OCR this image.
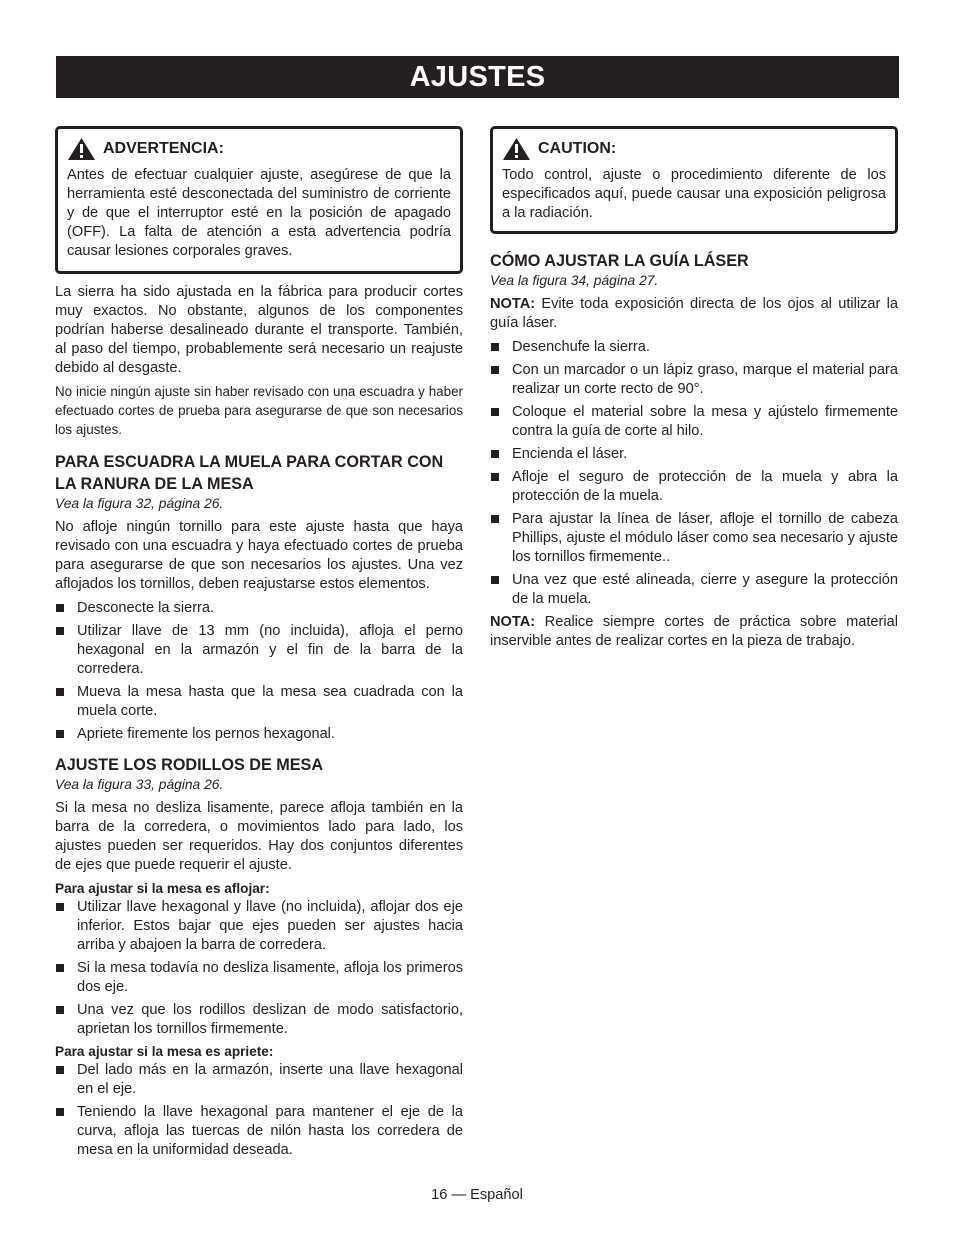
AJUSTES
ADVERTENCIA:
Antes de efectuar cualquier ajuste, asegúrese de que la herramienta esté desconectada del suministro de corriente y de que el interruptor esté en la posición de apagado (OFF). La falta de atención a esta advertencia podría causar lesiones corporales graves.

La sierra ha sido ajustada en la fábrica para producir cortes muy exactos. No obstante, algunos de los componentes podrían haberse desalineado durante el transporte. También, al paso del tiempo, probablemente será necesario un reajuste debido al desgaste.

No inicie ningún ajuste sin haber revisado con una escuadra y haber efectuado cortes de prueba para asegurarse de que son necesarios los ajustes.

PARA ESCUADRA LA MUELA PARA CORTAR CON LA RANURA DE LA MESA
Vea la figura 32, página 26.

No afloje ningún tornillo para este ajuste hasta que haya revisado con una escuadra y haya efectuado cortes de prueba para asegurarse de que son necesarios los ajustes. Una vez aflojados los tornillos, deben reajustarse estos elementos.

Desconecte la sierra.
Utilizar llave de 13 mm (no incluida), afloja el perno hexagonal en la armazón y el fin de la barra de la corredera.
Mueva la mesa hasta que la mesa sea cuadrada con la muela corte.
Apriete firemente los pernos hexagonal.
AJUSTE LOS RODILLOS DE MESA
Vea la figura 33, página 26.

Si la mesa no desliza lisamente, parece afloja también en la barra de la corredera, o movimientos lado para lado, los ajustes pueden ser requeridos. Hay dos conjuntos diferentes de ejes que puede requerir el ajuste.

Para ajustar si la mesa es aflojar:
Utilizar llave hexagonal y llave (no incluida), aflojar dos eje inferior. Estos bajar que ejes pueden ser ajustes hacia arriba y abajoen la barra de corredera.
Si la mesa todavía no desliza lisamente, afloja los primeros dos eje.
Una vez que los rodillos deslizan de modo satisfactorio, aprietan los tornillos firmemente.
Para ajustar si la mesa es apriete:
Del lado más en la armazón, inserte una llave hexagonal en el eje.
Teniendo la llave hexagonal para mantener el eje de la curva, afloja las tuercas de nilón hasta los corredera de mesa en la uniformidad deseada.
CAUTION:
Todo control, ajuste o procedimiento diferente de los especificados aquí, puede causar una exposición peligrosa a la radiación.
CÓMO AJUSTAR LA GUÍA LÁSER
Vea la figura 34, página 27.

NOTA: Evite toda exposición directa de los ojos al utilizar la guía láser.

Desenchufe la sierra.
Con un marcador o un lápiz graso, marque el material para realizar un corte recto de 90°.
Coloque el material sobre la mesa y ajústelo firmemente contra la guía de corte al hilo.
Encienda el láser.
Afloje el seguro de protección de la muela y abra la protección de la muela.
Para ajustar la línea de láser, afloje el tornillo de cabeza Phillips, ajuste el módulo láser como sea necesario y ajuste los tornillos firmemente..
Una vez que esté alineada, cierre y asegure la protección de la muela.

NOTA: Realice siempre cortes de práctica sobre material inservible antes de realizar cortes en la pieza de trabajo.

16 — Español
